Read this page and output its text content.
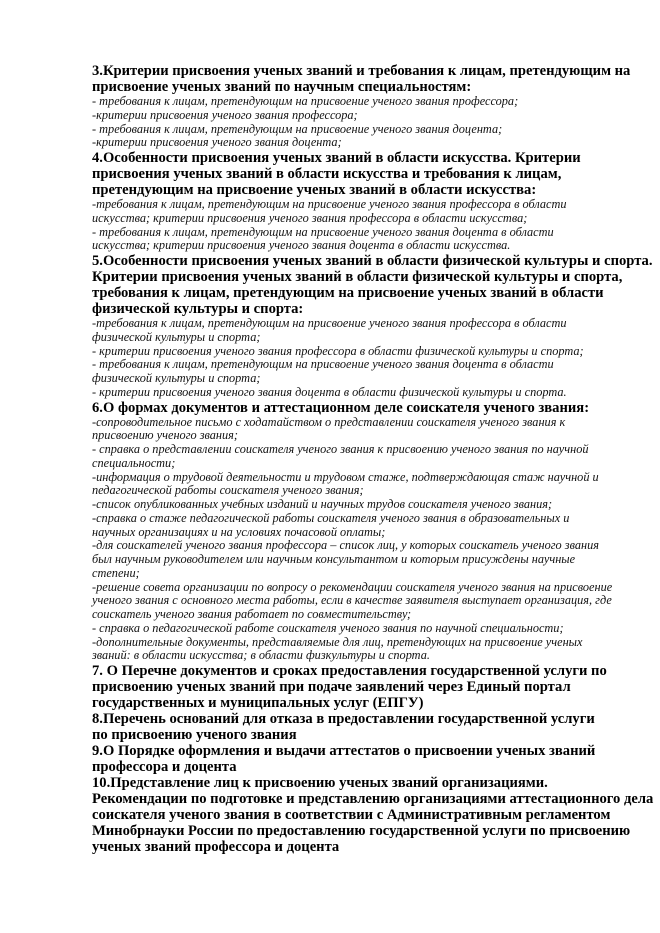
3.Критерии присвоения ученых званий и требования к лицам, претендующим на
присвоение ученых званий по научным специальностям:
- требования к лицам, претендующим на присвоение ученого звания профессора;
-критерии присвоения ученого звания профессора;
- требования к лицам, претендующим на присвоение ученого звания доцента;
-критерии присвоения ученого звания доцента;
4.Особенности присвоения ученых званий в области искусства. Критерии
присвоения ученых званий в области искусства и требования к лицам,
претендующим на присвоение ученых званий в области искусства:
-требования к лицам, претендующим на присвоение ученого звания профессора в области
искусства; критерии присвоения ученого звания профессора в области искусства;
- требования к лицам, претендующим на присвоение ученого звания доцента в области
искусства; критерии присвоения ученого звания доцента в области искусства.
5.Особенности присвоения ученых званий в области физической культуры и спорта.
Критерии присвоения ученых званий в области физической культуры и спорта,
требования к лицам, претендующим на присвоение ученых званий в области
физической культуры и спорта:
-требования к лицам, претендующим на присвоение ученого звания профессора в области
физической культуры и спорта;
- критерии присвоения ученого звания профессора в области физической культуры и спорта;
- требования к лицам, претендующим на присвоение ученого звания доцента в области
физической культуры и спорта;
- критерии присвоения ученого звания доцента в области физической культуры и спорта.
6.О формах документов и аттестационном деле соискателя ученого звания:
-сопроводительное письмо с ходатайством о представлении соискателя ученого звания к
присвоению ученого звания;
- справка о представлении соискателя ученого звания к присвоению ученого звания по научной
специальности;
-информация о трудовой деятельности и трудовом стаже, подтверждающая стаж научной и
педагогической работы соискателя ученого звания;
-список опубликованных учебных изданий и научных трудов соискателя ученого звания;
-справка о стаже педагогической работы соискателя ученого звания в образовательных и
научных организациях и на условиях почасовой оплаты;
-для соискателей ученого звания профессора – список лиц, у которых соискатель ученого звания
был научным руководителем или научным консультантом и которым присуждены научные
степени;
-решение совета организации по вопросу о рекомендации соискателя ученого звания на присвоение
ученого звания с основного места работы, если в качестве заявителя выступает организация, где
соискатель ученого звания работает по совместительству;
- справка о педагогической работе соискателя ученого звания по научной специальности;
-дополнительные документы, представляемые для лиц, претендующих на присвоение ученых
званий: в области искусства; в области физкультуры и спорта.
7. О Перечне документов и сроках предоставления государственной услуги по
присвоению ученых званий при подаче заявлений через Единый портал
государственных и муниципальных услуг (ЕПГУ)
8.Перечень оснований для отказа в предоставлении государственной услуги
по присвоению ученого звания
9.О Порядке оформления и выдачи аттестатов о присвоении ученых званий
профессора и доцента
10.Представление лиц к присвоению ученых званий организациями.
Рекомендации по подготовке и представлению организациями аттестационного дела
соискателя ученого звания в соответствии с Административным регламентом
Минобрнауки России по предоставлению государственной услуги по присвоению
ученых званий профессора и доцента
